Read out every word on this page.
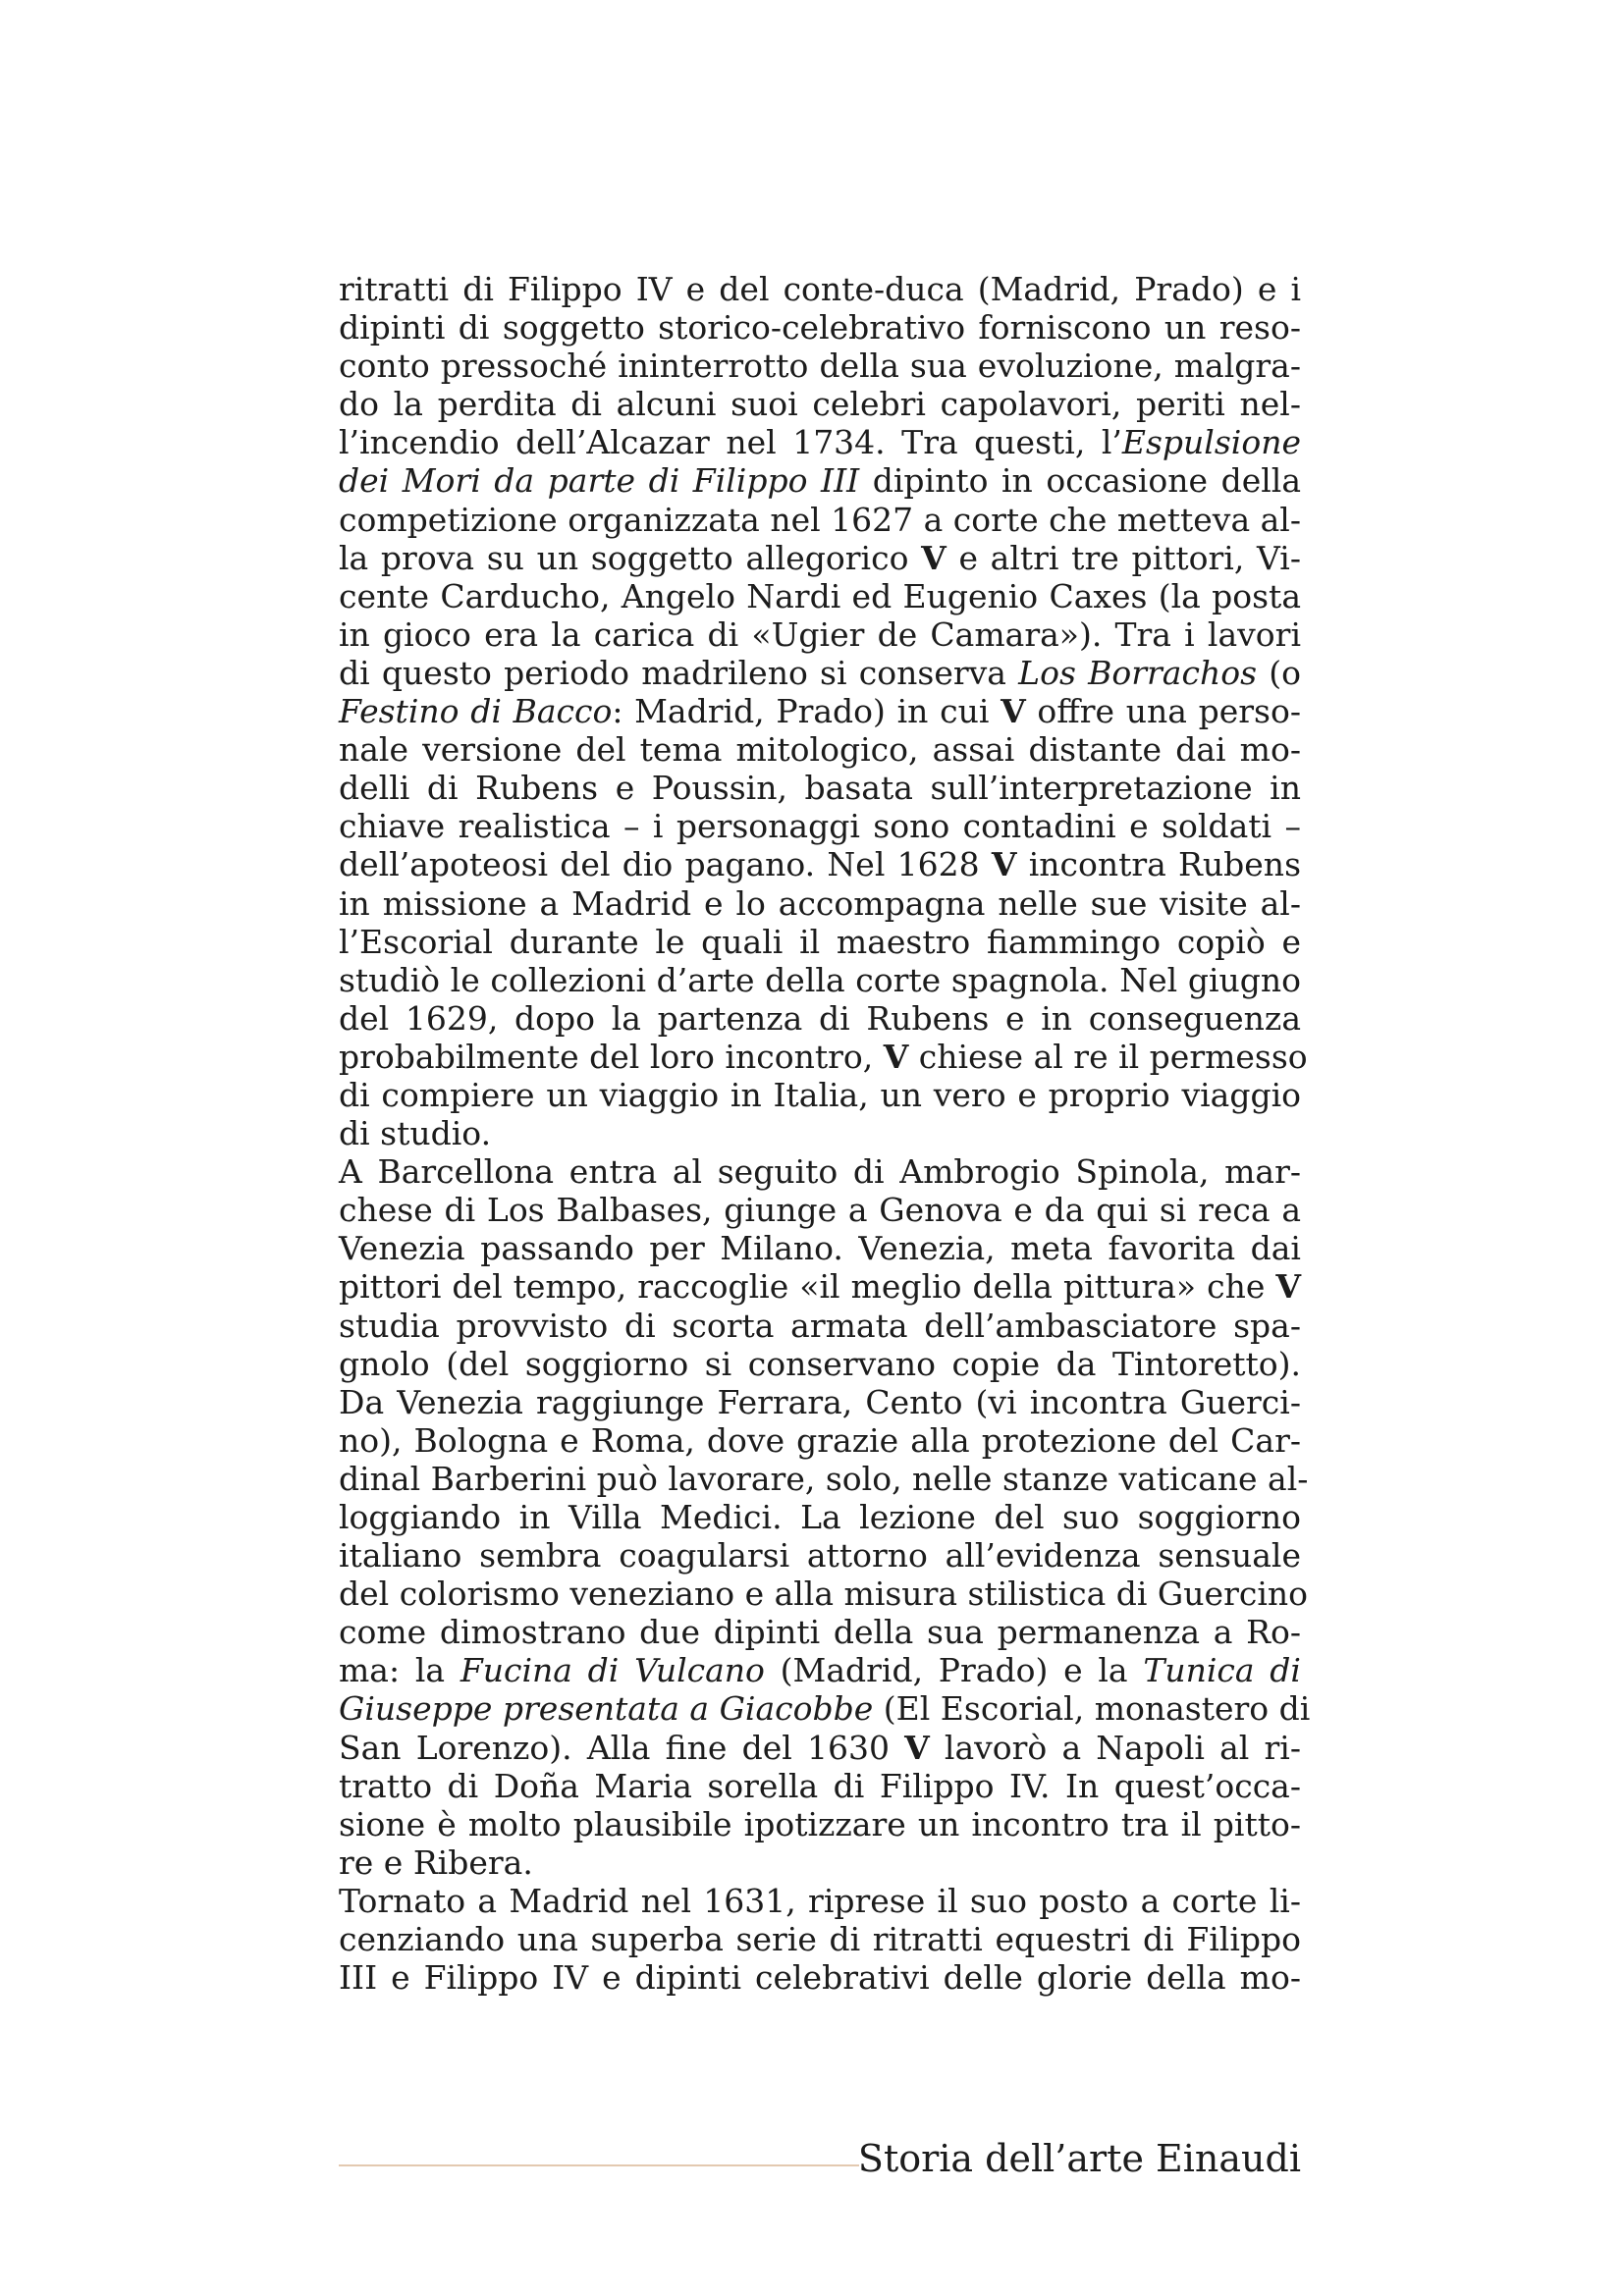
ritratti di Filippo IV e del conte-duca (Madrid, Prado) e i
dipinti di soggetto storico-celebrativo forniscono un reso-
conto pressoché ininterrotto della sua evoluzione, malgra-
do la perdita di alcuni suoi celebri capolavori, periti nel-
l’incendio dell’Alcazar nel 1734. Tra questi, l’Espulsione
dei Mori da parte di Filippo III dipinto in occasione della
competizione organizzata nel 1627 a corte che metteva al-
la prova su un soggetto allegorico V e altri tre pittori, Vi-
cente Carducho, Angelo Nardi ed Eugenio Caxes (la posta
in gioco era la carica di «Ugier de Camara»). Tra i lavori
di questo periodo madrileno si conserva Los Borrachos (o
Festino di Bacco: Madrid, Prado) in cui V offre una perso-
nale versione del tema mitologico, assai distante dai mo-
delli di Rubens e Poussin, basata sull’interpretazione in
chiave realistica – i personaggi sono contadini e soldati –
dell’apoteosi del dio pagano. Nel 1628 V incontra Rubens
in missione a Madrid e lo accompagna nelle sue visite al-
l’Escorial durante le quali il maestro fiammingo copiò e
studiò le collezioni d’arte della corte spagnola. Nel giugno
del 1629, dopo la partenza di Rubens e in conseguenza
probabilmente del loro incontro, V chiese al re il permesso
di compiere un viaggio in Italia, un vero e proprio viaggio
di studio.
A Barcellona entra al seguito di Ambrogio Spinola, mar-
chese di Los Balbases, giunge a Genova e da qui si reca a
Venezia passando per Milano. Venezia, meta favorita dai
pittori del tempo, raccoglie «il meglio della pittura» che V
studia provvisto di scorta armata dell’ambasciatore spa-
gnolo (del soggiorno si conservano copie da Tintoretto).
Da Venezia raggiunge Ferrara, Cento (vi incontra Guerci-
no), Bologna e Roma, dove grazie alla protezione del Car-
dinal Barberini può lavorare, solo, nelle stanze vaticane al-
loggiando in Villa Medici. La lezione del suo soggiorno
italiano sembra coagularsi attorno all’evidenza sensuale
del colorismo veneziano e alla misura stilistica di Guercino
come dimostrano due dipinti della sua permanenza a Ro-
ma: la Fucina di Vulcano (Madrid, Prado) e la Tunica di
Giuseppe presentata a Giacobbe (El Escorial, monastero di
San Lorenzo). Alla fine del 1630 V lavorò a Napoli al ri-
tratto di Doña Maria sorella di Filippo IV. In quest’occa-
sione è molto plausibile ipotizzare un incontro tra il pitto-
re e Ribera.
Tornato a Madrid nel 1631, riprese il suo posto a corte li-
cenziando una superba serie di ritratti equestri di Filippo
III e Filippo IV e dipinti celebrativi delle glorie della mo-
Storia dell’arte Einaudi
